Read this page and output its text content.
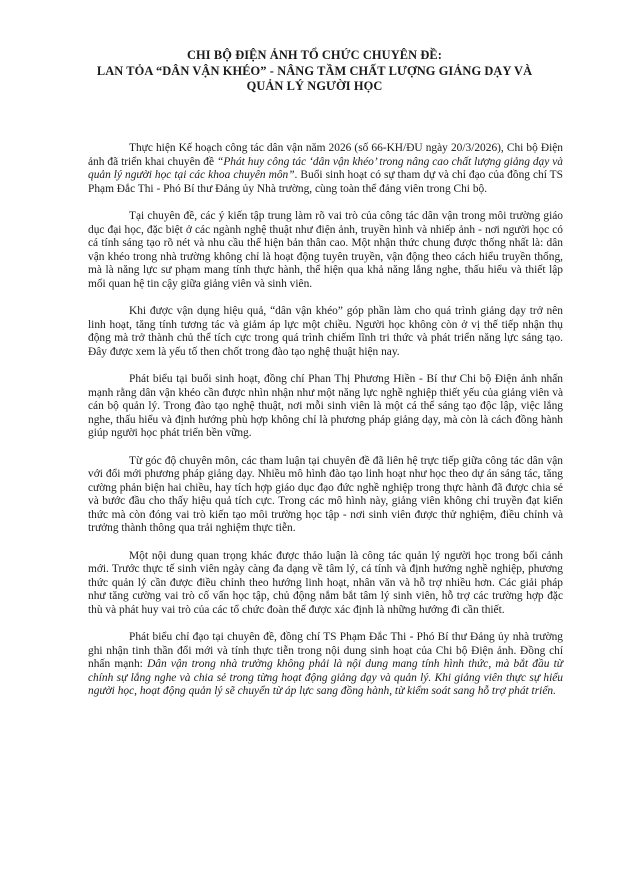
CHI BỘ ĐIỆN ẢNH TỔ CHỨC CHUYÊN ĐỀ:
LAN TỎA “DÂN VẬN KHÉO” - NÂNG TẦM CHẤT LƯỢNG GIẢNG DẠY VÀ
QUẢN LÝ NGƯỜI HỌC

Thực hiện Kế hoạch công tác dân vận năm 2026 (số 66-KH/ĐU ngày 20/3/2026), Chi bộ Điện ảnh đã triển khai chuyên đề “Phát huy công tác ‘dân vận khéo’ trong nâng cao chất lượng giảng dạy và quản lý người học tại các khoa chuyên môn”. Buổi sinh hoạt có sự tham dự và chỉ đạo của đồng chí TS Phạm Đắc Thi - Phó Bí thư Đảng ủy Nhà trường, cùng toàn thể đảng viên trong Chi bộ.

Tại chuyên đề, các ý kiến tập trung làm rõ vai trò của công tác dân vận trong môi trường giáo dục đại học, đặc biệt ở các ngành nghệ thuật như điện ảnh, truyền hình và nhiếp ảnh - nơi người học có cá tính sáng tạo rõ nét và nhu cầu thể hiện bản thân cao. Một nhận thức chung được thống nhất là: dân vận khéo trong nhà trường không chỉ là hoạt động tuyên truyền, vận động theo cách hiểu truyền thống, mà là năng lực sư phạm mang tính thực hành, thể hiện qua khả năng lắng nghe, thấu hiểu và thiết lập mối quan hệ tin cậy giữa giảng viên và sinh viên.

Khi được vận dụng hiệu quả, “dân vận khéo” góp phần làm cho quá trình giảng dạy trở nên linh hoạt, tăng tính tương tác và giảm áp lực một chiều. Người học không còn ở vị thế tiếp nhận thụ động mà trở thành chủ thể tích cực trong quá trình chiếm lĩnh tri thức và phát triển năng lực sáng tạo. Đây được xem là yếu tố then chốt trong đào tạo nghệ thuật hiện nay.

Phát biểu tại buổi sinh hoạt, đồng chí Phan Thị Phương Hiền - Bí thư Chi bộ Điện ảnh nhấn mạnh rằng dân vận khéo cần được nhìn nhận như một năng lực nghề nghiệp thiết yếu của giảng viên và cán bộ quản lý. Trong đào tạo nghệ thuật, nơi mỗi sinh viên là một cá thể sáng tạo độc lập, việc lắng nghe, thấu hiểu và định hướng phù hợp không chỉ là phương pháp giảng dạy, mà còn là cách đồng hành giúp người học phát triển bền vững.

Từ góc độ chuyên môn, các tham luận tại chuyên đề đã liên hệ trực tiếp giữa công tác dân vận với đổi mới phương pháp giảng dạy. Nhiều mô hình đào tạo linh hoạt như học theo dự án sáng tác, tăng cường phản biện hai chiều, hay tích hợp giáo dục đạo đức nghề nghiệp trong thực hành đã được chia sẻ và bước đầu cho thấy hiệu quả tích cực. Trong các mô hình này, giảng viên không chỉ truyền đạt kiến thức mà còn đóng vai trò kiến tạo môi trường học tập - nơi sinh viên được thử nghiệm, điều chỉnh và trưởng thành thông qua trải nghiệm thực tiễn.

Một nội dung quan trọng khác được thảo luận là công tác quản lý người học trong bối cảnh mới. Trước thực tế sinh viên ngày càng đa dạng về tâm lý, cá tính và định hướng nghề nghiệp, phương thức quản lý cần được điều chỉnh theo hướng linh hoạt, nhân văn và hỗ trợ nhiều hơn. Các giải pháp như tăng cường vai trò cố vấn học tập, chủ động nắm bắt tâm lý sinh viên, hỗ trợ các trường hợp đặc thù và phát huy vai trò của các tổ chức đoàn thể được xác định là những hướng đi cần thiết.

Phát biểu chỉ đạo tại chuyên đề, đồng chí TS Phạm Đắc Thi - Phó Bí thư Đảng ủy nhà trường ghi nhận tinh thần đổi mới và tính thực tiễn trong nội dung sinh hoạt của Chi bộ Điện ảnh. Đồng chí nhấn mạnh: Dân vận trong nhà trường không phải là nội dung mang tính hình thức, mà bắt đầu từ chính sự lắng nghe và chia sẻ trong từng hoạt động giảng dạy và quản lý. Khi giảng viên thực sự hiểu người học, hoạt động quản lý sẽ chuyển từ áp lực sang đồng hành, từ kiểm soát sang hỗ trợ phát triển.
